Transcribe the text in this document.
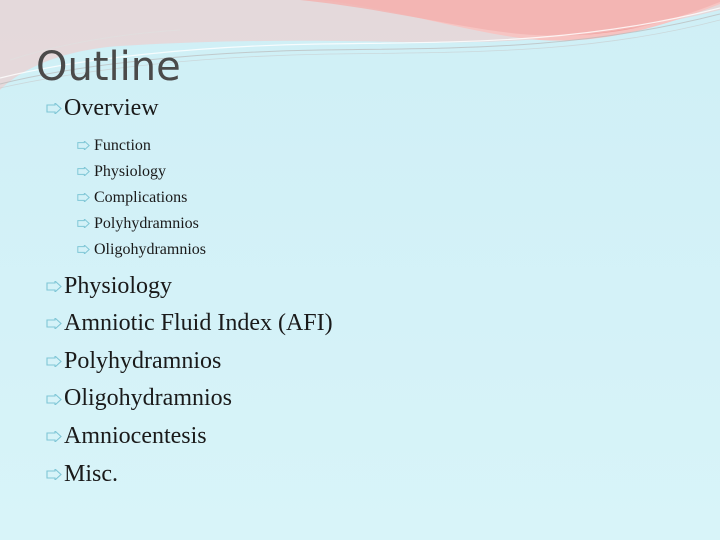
Outline
Overview
Function
Physiology
Complications
Polyhydramnios
Oligohydramnios
Physiology
Amniotic Fluid Index (AFI)
Polyhydramnios
Oligohydramnios
Amniocentesis
Misc.
